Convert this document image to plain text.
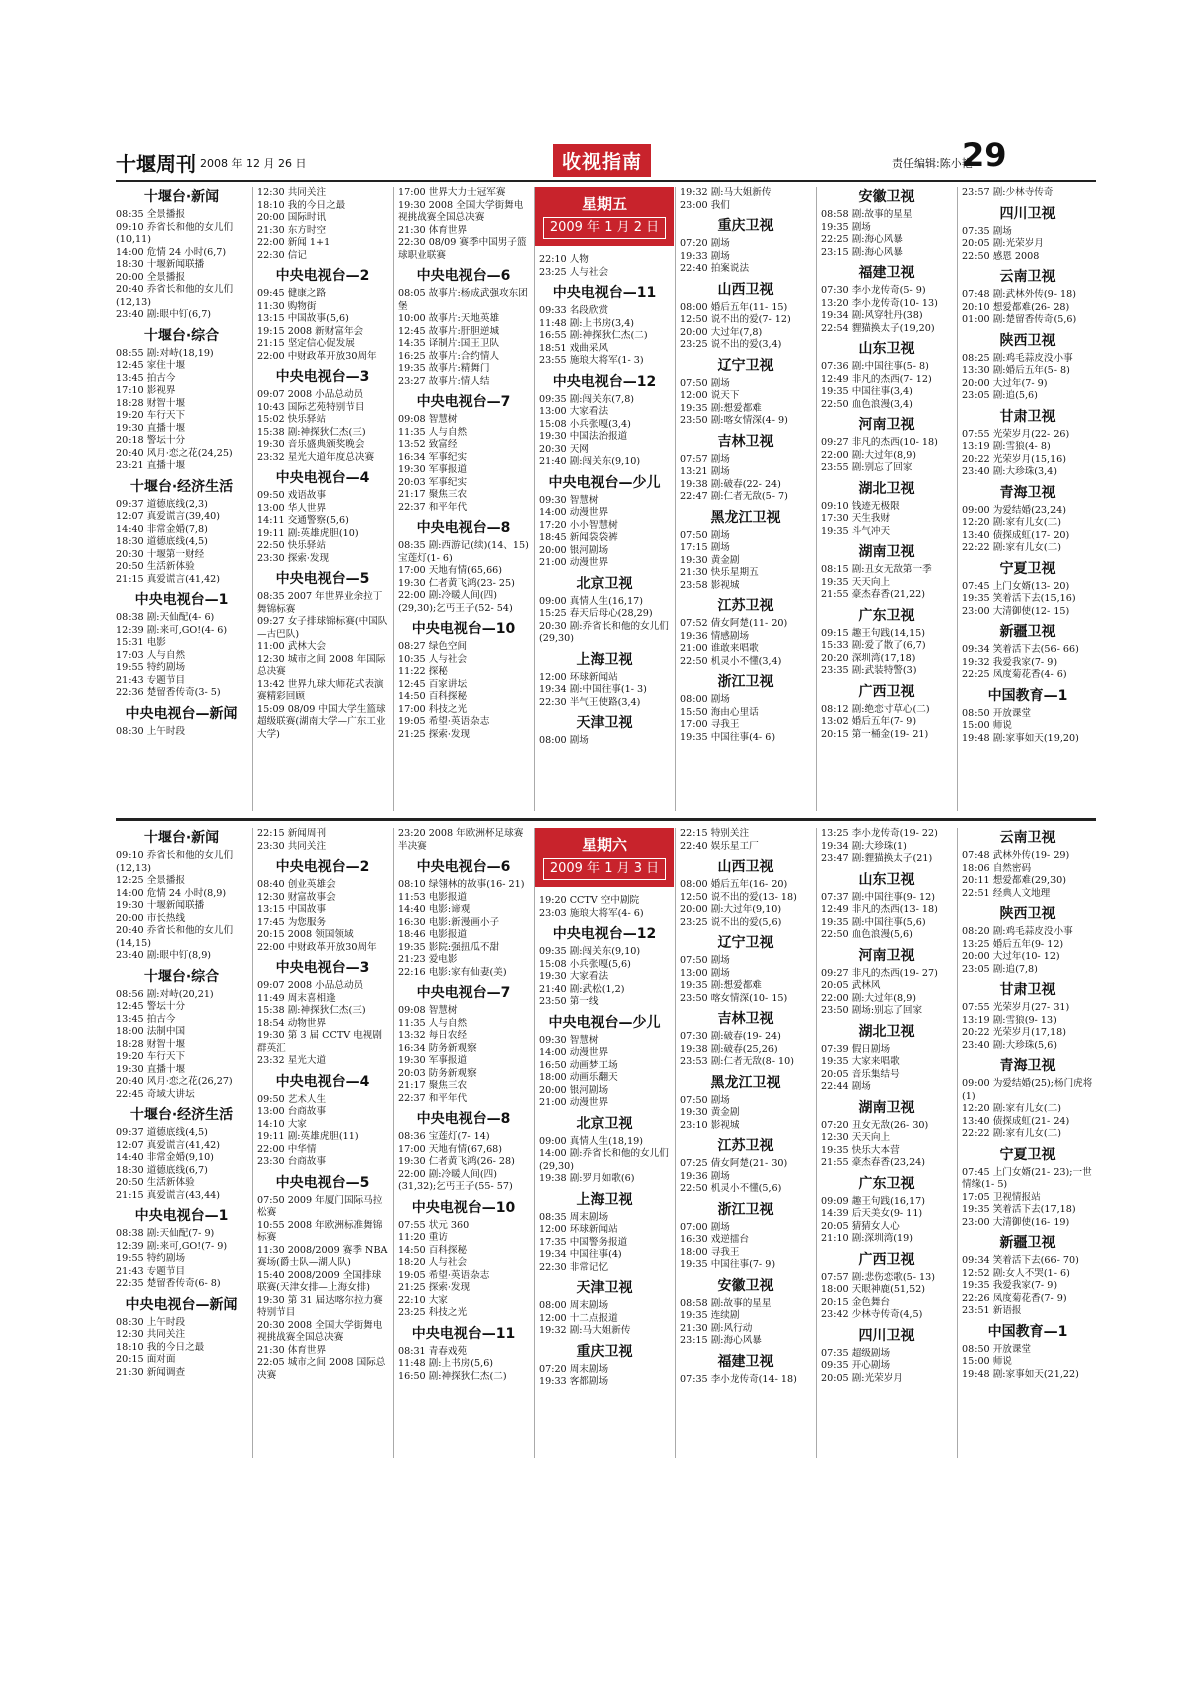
十堰周刊 2008 年 12 月 26 日	收视指南	责任编辑:陈小艳
29
十堰台·新闻
08:35 全景播报
09:10 乔省长和他的女儿们(10,11)
14:00 危情 24 小时(6,7)
18:30 十堰新闻联播
20:00 全景播报
20:40 乔省长和他的女儿们(12,13)
23:40 剧:眼中钉(6,7)
十堰台·综合
08:55 剧:对峙(18,19)
12:45 家住十堰
13:45 拍古今
17:10 影视界
18:28 财智十堰
19:20 车行天下
19:30 直播十堰
20:18 警坛十分
20:40 风月·恋之花(24,25)
23:21 直播十堰
十堰台·经济生活
09:37 道德底线(2,3)
12:07 真爱谎言(39,40)
14:40 非常金婚(7,8)
18:30 道德底线(4,5)
20:30 十堰第一财经
20:50 生活新体验
21:15 真爱谎言(41,42)
中央电视台—1
08:38 剧:天仙配(4- 6)
12:39 剧:来可,GO!(4- 6)
15:31 电影
17:03 人与自然
19:55 特约剧场
21:43 专题节目
22:36 楚留香传奇(3- 5)
中央电视台—新闻
08:30 上午时段
12:30 共同关注
18:10 我的今日之最
20:00 国际时讯
21:30 东方时空
22:00 新闻 1+1
22:30 信记
中央电视台—2
09:45 健康之路
11:30 购物街
13:15 中国故事(5,6)
19:15 2008 新财富年会
21:15 坚定信心促发展
22:00 中财政革开放30周年
中央电视台—3
09:07 2008 小品总动员
10:43 国际艺苑特别节目
15:02 快乐驿站
15:38 剧:神探狄仁杰(三)
19:30 音乐盛典颁奖晚会
23:32 星光大道年度总决赛
中央电视台—4
09:50 戏语故事
13:00 华人世界
14:11 交通警察(5,6)
19:11 剧:英雄虎胆(10)
22:50 快乐驿站
23:30 探索·发现
中央电视台—5
08:35 2007 年世界业余拉丁舞锦标赛
09:27 女子排球锦标赛(中国队—古巴队)
11:00 武林大会
12:30 城市之间 2008 年国际总决赛
13:42 世界九球大师花式表演赛精彩回顾
15:09 08/09 中国大学生篮球超级联赛(湖南大学—广东工业大学)
17:00 世界大力士冠军赛
19:30 2008 全国大学街舞电视挑战赛全国总决赛
21:30 体育世界
22:30 08/09 赛季中国男子篮球职业联赛
中央电视台—6
08:05 故事片:杨成武强攻东团堡
10:00 故事片:天地英雄
12:45 故事片:肝胆逆城
14:35 译制片:国王卫队
16:25 故事片:合约情人
19:35 故事片:精舞门
23:27 故事片:情人结
中央电视台—7
09:08 智慧树
11:35 人与自然
13:52 致富经
16:34 军事纪实
19:30 军事报道
20:03 军事纪实
21:17 聚焦三农
22:37 和平年代
中央电视台—8
08:35 剧:西游记(续)(14、15)宝莲灯(1- 6)
17:00 天地有情(65,66)
19:30 仁者黄飞鸿(23- 25)
22:00 剧:冷暖人间(四)(29,30);乞丐王子(52- 54)
中央电视台—10
08:27 绿色空间
10:35 人与社会
11:22 探秘
12:45 百家讲坛
14:50 百科探秘
17:00 科技之光
19:05 希望·英语杂志
21:25 探索·发现
星期五
2009 年 1 月 2 日
22:10 人物
23:25 人与社会
中央电视台—11
09:33 名段欣赏
11:48 剧:上书房(3,4)
16:55 剧:神探狄仁杰(二)
18:51 戏曲采风
23:55 施琅大将军(1- 3)
中央电视台—12
09:35 剧:闯关东(7,8)
13:00 大家看法
15:08 小兵张嘎(3,4)
19:30 中国法治报道
20:30 天网
21:40 剧:闯关东(9,10)
中央电视台—少儿
09:30 智慧树
14:00 动漫世界
17:20 小小智慧树
18:45 新闻袋袋裤
20:00 银河剧场
21:00 动漫世界
北京卫视
09:00 真情人生(16,17)
15:25 春天后母心(28,29)
20:30 剧:乔省长和他的女儿们(29,30)
上海卫视
12:00 环球新闻站
19:34 剧:中国往事(1- 3)
22:30 半气王使路(3,4)
天津卫视
08:00 剧场
19:32 剧:马大姐新传
23:00 我们
重庆卫视
07:20 剧场
19:33 剧场
22:40 拍案说法
山西卫视
08:00 婚后五年(11- 15)
12:50 说不出的爱(7- 12)
20:00 大过年(7,8)
23:25 说不出的爱(3,4)
辽宁卫视
07:50 剧场
12:00 说天下
19:35 剧:想爱都难
23:50 剧:喀女情深(4- 9)
吉林卫视
07:57 剧场
13:21 剧场
19:38 剧:破春(22- 24)
22:47 剧:仁者无敌(5- 7)
黑龙江卫视
07:50 剧场
17:15 剧场
19:30 黄金剧
21:30 快乐星期五
23:58 影视城
江苏卫视
07:52 倩女阿楚(11- 20)
19:36 情感剧场
21:00 谁敢来唱歌
22:50 机灵小不懂(3,4)
浙江卫视
08:00 剧场
15:50 海由心里话
17:00 寻我王
19:35 中国往事(4- 6)
安徽卫视
08:58 剧:故事的星星
19:35 剧场
22:25 剧:海心风暴
23:15 剧:海心风暴
福建卫视
07:30 李小龙传奇(5- 9)
13:20 李小龙传奇(10- 13)
19:34 剧:风穿牡丹(38)
22:54 貍猫换太子(19,20)
山东卫视
07:36 剧:中国往事(5- 8)
12:49 非凡的杰西(7- 12)
19:35 中国往事(3,4)
22:50 血色浪漫(3,4)
河南卫视
09:27 非凡的杰西(10- 18)
22:00 剧:大过年(8,9)
23:55 剧:别忘了回家
湖北卫视
09:10 钱迹无极限
17:30 天生我财
19:35 斗气冲天
湖南卫视
08:15 剧:丑女无敌第一季
19:35 天天向上
21:55 豪杰春香(21,22)
广东卫视
09:15 趣王句践(14,15)
15:33 剧:爱了散了(6,7)
20:20 深圳湾(17,18)
23:35 剧:武装特警(3)
广西卫视
08:12 剧:绝恋寸草心(二)
13:02 婚后五年(7- 9)
20:15 第一桶金(19- 21)
23:57 剧:少林寺传奇
四川卫视
07:35 剧场
20:05 剧:光荣岁月
22:50 感恩 2008
云南卫视
07:48 剧:武林外传(9- 18)
20:10 想爱都难(26- 28)
01:00 剧:楚留香传奇(5,6)
陕西卫视
08:25 剧:鸡毛蒜皮没小事
13:30 剧:婚后五年(5- 8)
20:00 大过年(7- 9)
23:05 剧:追(5,6)
甘肃卫视
07:55 光荣岁月(22- 26)
13:19 剧:雪狼(4- 8)
20:22 光荣岁月(15,16)
23:40 剧:大珍珠(3,4)
青海卫视
09:00 为爱结婚(23,24)
12:20 剧:家有儿女(二)
13:40 债探成虹(17- 20)
22:22 剧:家有儿女(二)
宁夏卫视
07:45 上门女婿(13- 20)
19:35 笑着活下去(15,16)
23:00 大清御使(12- 15)
新疆卫视
09:34 笑着活下去(56- 66)
19:32 我爱我家(7- 9)
22:25 凤度菊花香(4- 6)
中国教育—1
08:50 开放课堂
15:00 师说
19:48 剧:家事如天(19,20)
十堰台·新闻
09:10 乔省长和他的女儿们(12,13)
12:25 全景播报
14:00 危情 24 小时(8,9)
19:30 十堰新闻联播
20:00 市长热线
20:40 乔省长和他的女儿们(14,15)
23:40 剧:眼中钉(8,9)
十堰台·综合
08:56 剧:对峙(20,21)
12:45 警坛十分
13:45 拍古今
18:00 法制中国
18:28 财智十堰
19:20 车行天下
19:30 直播十堰
20:40 风月·恋之花(26,27)
22:45 奇域大讲坛
十堰台·经济生活
09:37 道德底线(4,5)
12:07 真爱谎言(41,42)
14:40 非常金婚(9,10)
18:30 道德底线(6,7)
20:50 生活新体验
21:15 真爱谎言(43,44)
中央电视台—1
08:38 剧:天仙配(7- 9)
12:39 剧:来可,GO!(7- 9)
19:55 特约剧场
21:43 专题节目
22:35 楚留香传奇(6- 8)
中央电视台—新闻
08:30 上午时段
12:30 共同关注
18:10 我的今日之最
20:15 面对面
21:30 新闻调查
22:15 新闻周刊
23:30 共同关注
中央电视台—2
08:40 创业英雄会
12:30 财富故事会
13:15 中国故事
17:45 为您服务
20:15 2008 领国领域
22:00 中财政革开放30周年
中央电视台—3
09:07 2008 小品总动员
11:49 周末喜相逢
15:38 剧:神探狄仁杰(三)
18:54 动物世界
19:30 第 3 届 CCTV 电视剧群英汇
23:32 星光大道
中央电视台—4
09:50 艺术人生
13:00 台商故事
14:10 大家
19:11 剧:英雄虎胆(11)
22:00 中华情
23:30 台商故事
中央电视台—5
07:50 2009 年厦门国际马拉松赛
10:55 2008 年欧洲标准舞锦标赛
11:30 2008/2009 赛季 NBA 赛场(爵士队—湖人队)
15:40 2008/2009 全国排球联赛(天津女排—上海女排)
19:30 第 31 届达喀尔拉力赛特别节目
20:30 2008 全国大学街舞电视挑战赛全国总决赛
21:30 体育世界
22:05 城市之间 2008 国际总决赛
23:20 2008 年欧洲杯足球赛半决赛
中央电视台—6
08:10 绿翎林的故事(16- 21)
11:53 电影报道
14:40 电影:谛观
16:30 电影:新漫画小子
18:46 电影报道
19:35 影院:强扭瓜不甜
21:23 爱电影
22:16 电影:家有仙妻(美)
中央电视台—7
09:08 智慧树
11:35 人与自然
13:32 每日农经
16:34 防务新观察
19:30 军事报道
20:03 防务新观察
21:17 聚焦三农
22:37 和平年代
中央电视台—8
08:36 宝莲灯(7- 14)
17:00 天地有情(67,68)
19:30 仁者黄飞鸿(26- 28)
22:00 剧:冷暖人间(四)(31,32);乞丐王子(55- 57)
中央电视台—10
07:55 状元 360
11:20 重访
14:50 百科探秘
18:20 人与社会
19:05 希望·英语杂志
21:25 探索·发现
22:10 大家
23:25 科技之光
中央电视台—11
08:31 青春戏苑
11:48 剧:上书房(5,6)
16:50 剧:神探狄仁杰(二)
星期六
2009 年 1 月 3 日
19:20 CCTV 空中剧院
23:03 施琅大将军(4- 6)
中央电视台—12
09:35 剧:闯关东(9,10)
15:08 小兵张嘎(5,6)
19:30 大家看法
21:40 剧:武松(1,2)
23:50 第一线
中央电视台—少儿
09:30 智慧树
14:00 动漫世界
16:50 动画梦工场
18:00 动画乐翻天
20:00 银河剧场
21:00 动漫世界
北京卫视
09:00 真情人生(18,19)
14:00 剧:乔省长和他的女儿们(29,30)
19:38 剧:罗月如歌(6)
上海卫视
08:35 周末剧场
12:00 环球新闻站
17:35 中国警务报道
19:34 中国往事(4)
22:30 非常记忆
天津卫视
08:00 周末剧场
12:00 十二点报道
19:32 剧:马大姐新传
重庆卫视
07:20 周末剧场
19:33 客都剧场
22:15 特别关注
22:40 娱乐星工厂
山西卫视
08:00 婚后五年(16- 20)
12:50 说不出的爱(13- 18)
20:00 剧:大过年(9,10)
23:25 说不出的爱(5,6)
辽宁卫视
07:50 剧场
13:00 剧场
19:35 剧:想爱都难
23:50 喀女情深(10- 15)
吉林卫视
07:30 剧:破春(19- 24)
19:38 剧:破春(25,26)
23:53 剧:仁者无敌(8- 10)
黑龙江卫视
07:50 剧场
19:30 黄金剧
23:10 影视城
江苏卫视
07:25 倩女阿楚(21- 30)
19:36 剧场
22:50 机灵小不懂(5,6)
浙江卫视
07:00 剧场
16:30 戏逆擂台
18:00 寻我王
19:35 中国往事(7- 9)
安徽卫视
08:58 剧:故事的星星
19:35 连续剧
21:30 剧:风行动
23:15 剧:海心风暴
福建卫视
07:35 李小龙传奇(14- 18)
13:25 李小龙传奇(19- 22)
19:34 剧:大珍珠(1)
23:47 剧:貍猫换太子(21)
山东卫视
07:37 剧:中国往事(9- 12)
12:49 非凡的杰西(13- 18)
19:35 剧:中国往事(5,6)
22:50 血色浪漫(5,6)
河南卫视
09:27 非凡的杰西(19- 27)
20:05 武林风
22:00 剧:大过年(8,9)
23:50 剧场:别忘了回家
湖北卫视
07:39 假日剧场
19:35 大家来唱歌
20:05 音乐集结号
22:44 剧场
湖南卫视
07:20 丑女无敌(26- 30)
12:30 天天向上
19:35 快乐大本营
21:55 豪杰春香(23,24)
广东卫视
09:09 趣王句践(16,17)
14:39 后天美女(9- 11)
20:05 猜猜女人心
21:10 剧:深圳湾(19)
广西卫视
07:57 剧:悲伤恋歌(5- 13)
18:00 天眼神鹿(51,52)
20:15 金色舞台
23:42 少林寺传奇(4,5)
四川卫视
07:35 超级剧场
09:35 开心剧场
20:05 剧:光荣岁月
云南卫视
07:48 武林外传(19- 29)
18:06 自然密码
20:11 想爱都难(29,30)
22:51 经典人文地理
陕西卫视
08:20 剧:鸡毛蒜皮没小事
13:25 婚后五年(9- 12)
20:00 大过年(10- 12)
23:05 剧:追(7,8)
甘肃卫视
07:55 光荣岁月(27- 31)
13:19 剧:雪狼(9- 13)
20:22 光荣岁月(17,18)
23:40 剧:大珍珠(5,6)
青海卫视
09:00 为爱结婚(25);杨门虎将(1)
12:20 剧:家有儿女(二)
13:40 债探成虹(21- 24)
22:22 剧:家有儿女(二)
宁夏卫视
07:45 上门女婿(21- 23);一世情缘(1- 5)
17:05 卫视情报站
19:35 笑着活下去(17,18)
23:00 大清御使(16- 19)
新疆卫视
09:34 笑着活下去(66- 70)
12:52 剧:女人不哭(1- 6)
19:35 我爱我家(7- 9)
22:26 凤度菊花香(7- 9)
23:51 新语报
中国教育—1
08:50 开放课堂
15:00 师说
19:48 剧:家事如天(21,22)
